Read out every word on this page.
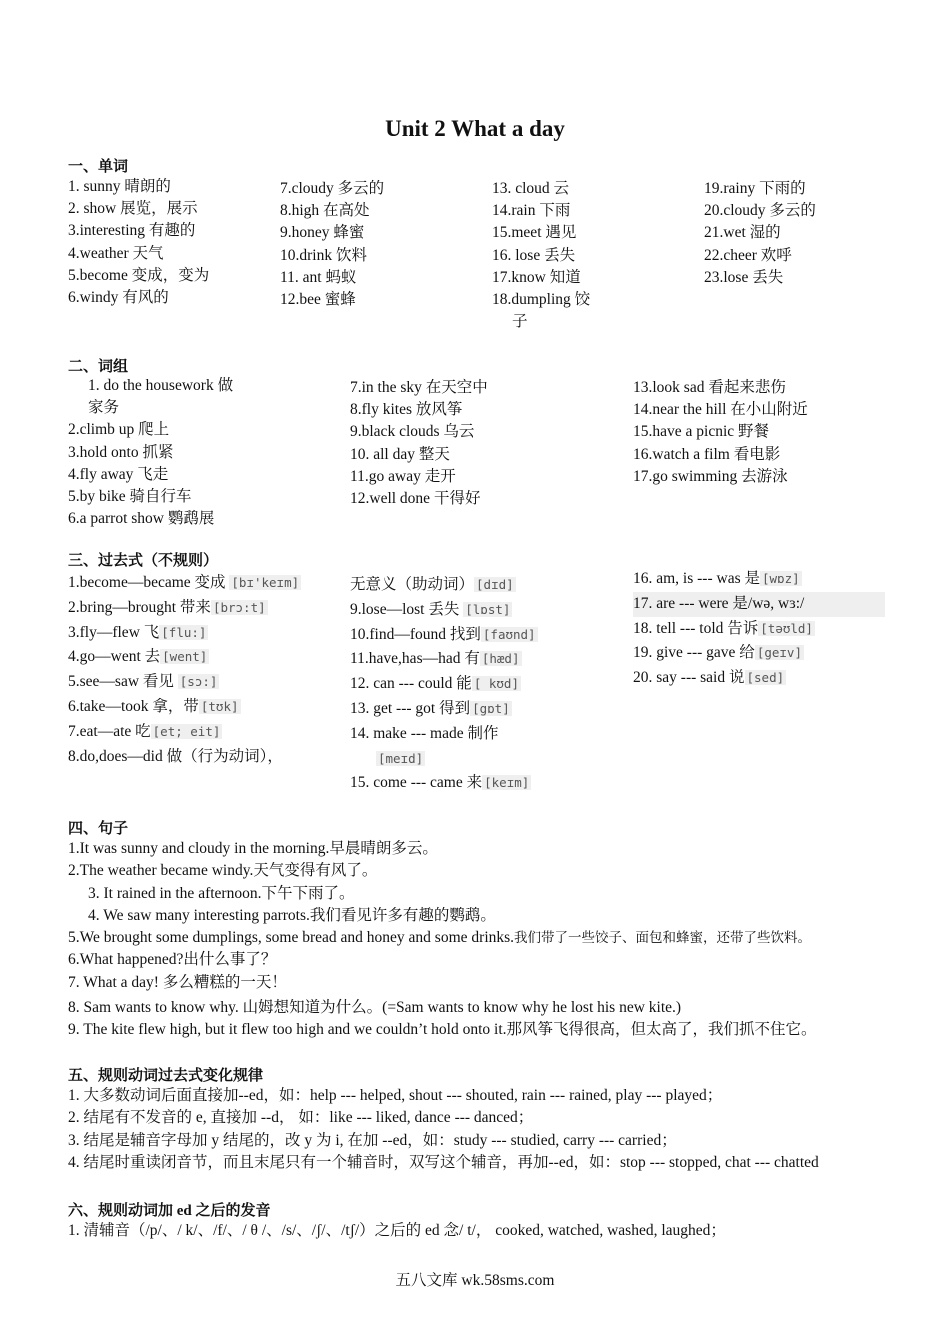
Unit 2 What a day
一、单词
1. sunny 晴朗的
2. show 展览，展示
3.interesting 有趣的
4.weather 天气
5.become 变成，变为
6.windy 有风的
7.cloudy 多云的
8.high 在高处
9.honey 蜂蜜
10.drink 饮料
11. ant 蚂蚁
12.bee 蜜蜂
13. cloud 云
14.rain 下雨
15.meet 遇见
16. lose 丢失
17.know 知道
18.dumpling 饺
子
19.rainy 下雨的
20.cloudy 多云的
21.wet 湿的
22.cheer 欢呼
23.lose 丢失
二、词组
1. do the housework 做
家务
2.climb up 爬上
3.hold onto 抓紧
4.fly away 飞走
5.by bike 骑自行车
6.a parrot show 鹦鹉展
7.in the sky 在天空中
8.fly kites 放风筝
9.black clouds 乌云
10. all day 整天
11.go away 走开
12.well done 干得好
13.look sad 看起来悲伤
14.near the hill 在小山附近
15.have a picnic 野餐
16.watch a film 看电影
17.go swimming 去游泳
三、过去式（不规则）
1.become—became 变成 [bɪ'keɪm]
2.bring—brought 带来 [brɔ:t]
3.fly—flew 飞 [flu:]
4.go—went 去 [went]
5.see—saw 看见 [sɔ:]
6.take—took 拿，带 [tʊk]
7.eat—ate 吃 [et; eit]
8.do,does—did 做（行为动词），
无意义（助动词） [dɪd]
9.lose—lost 丢失 [lɒst]
10.find—found 找到 [faʊnd]
11.have,has—had 有 [hæd]
12. can --- could 能 [ kʊd]
13. get --- got 得到 [gɒt]
14. make --- made 制作
[meɪd]
15. come --- came 来 [keɪm]
16. am, is --- was 是 [wɒz]
17. are --- were 是/wə, wɜ:/
18. tell --- told 告诉 [təʊld]
19. give --- gave 给 [geɪv]
20. say --- said 说 [sed]
四、句子
1.It was sunny and cloudy in the morning.早晨晴朗多云。
2.The weather became windy.天气变得有风了。
3. It rained in the afternoon.下午下雨了。
4. We saw many interesting parrots.我们看见许多有趣的鹦鹉。
5.We brought some dumplings, some bread and honey and some drinks.我们带了一些饺子、面包和蜂蜜，还带了些饮料。
6.What happened?出什么事了？
7. What a day! 多么糟糕的一天！
8. Sam wants to know why. 山姆想知道为什么。(=Sam wants to know why he lost his new kite.)
9. The kite flew high, but it flew too high and we couldn’t hold onto it.那风筝飞得很高，但太高了，我们抓不住它。
五、规则动词过去式变化规律
1. 大多数动词后面直接加--ed，如：help --- helped, shout --- shouted, rain --- rained, play --- played；
2. 结尾有不发音的 e, 直接加 --d， 如：like --- liked, dance --- danced；
3. 结尾是辅音字母加 y 结尾的，改 y 为 i, 在加 --ed，如：study --- studied, carry --- carried；
4. 结尾时重读闭音节，而且末尾只有一个辅音时，双写这个辅音，再加--ed，如：stop --- stopped, chat --- chatted
六、规则动词加 ed 之后的发音
1. 清辅音（/p/、/ k/、/f/、/ θ /、/s/、/ʃ/、/tʃ/）之后的 ed 念/ t/， cooked, watched, washed, laughed；
五八文库 wk.58sms.com
